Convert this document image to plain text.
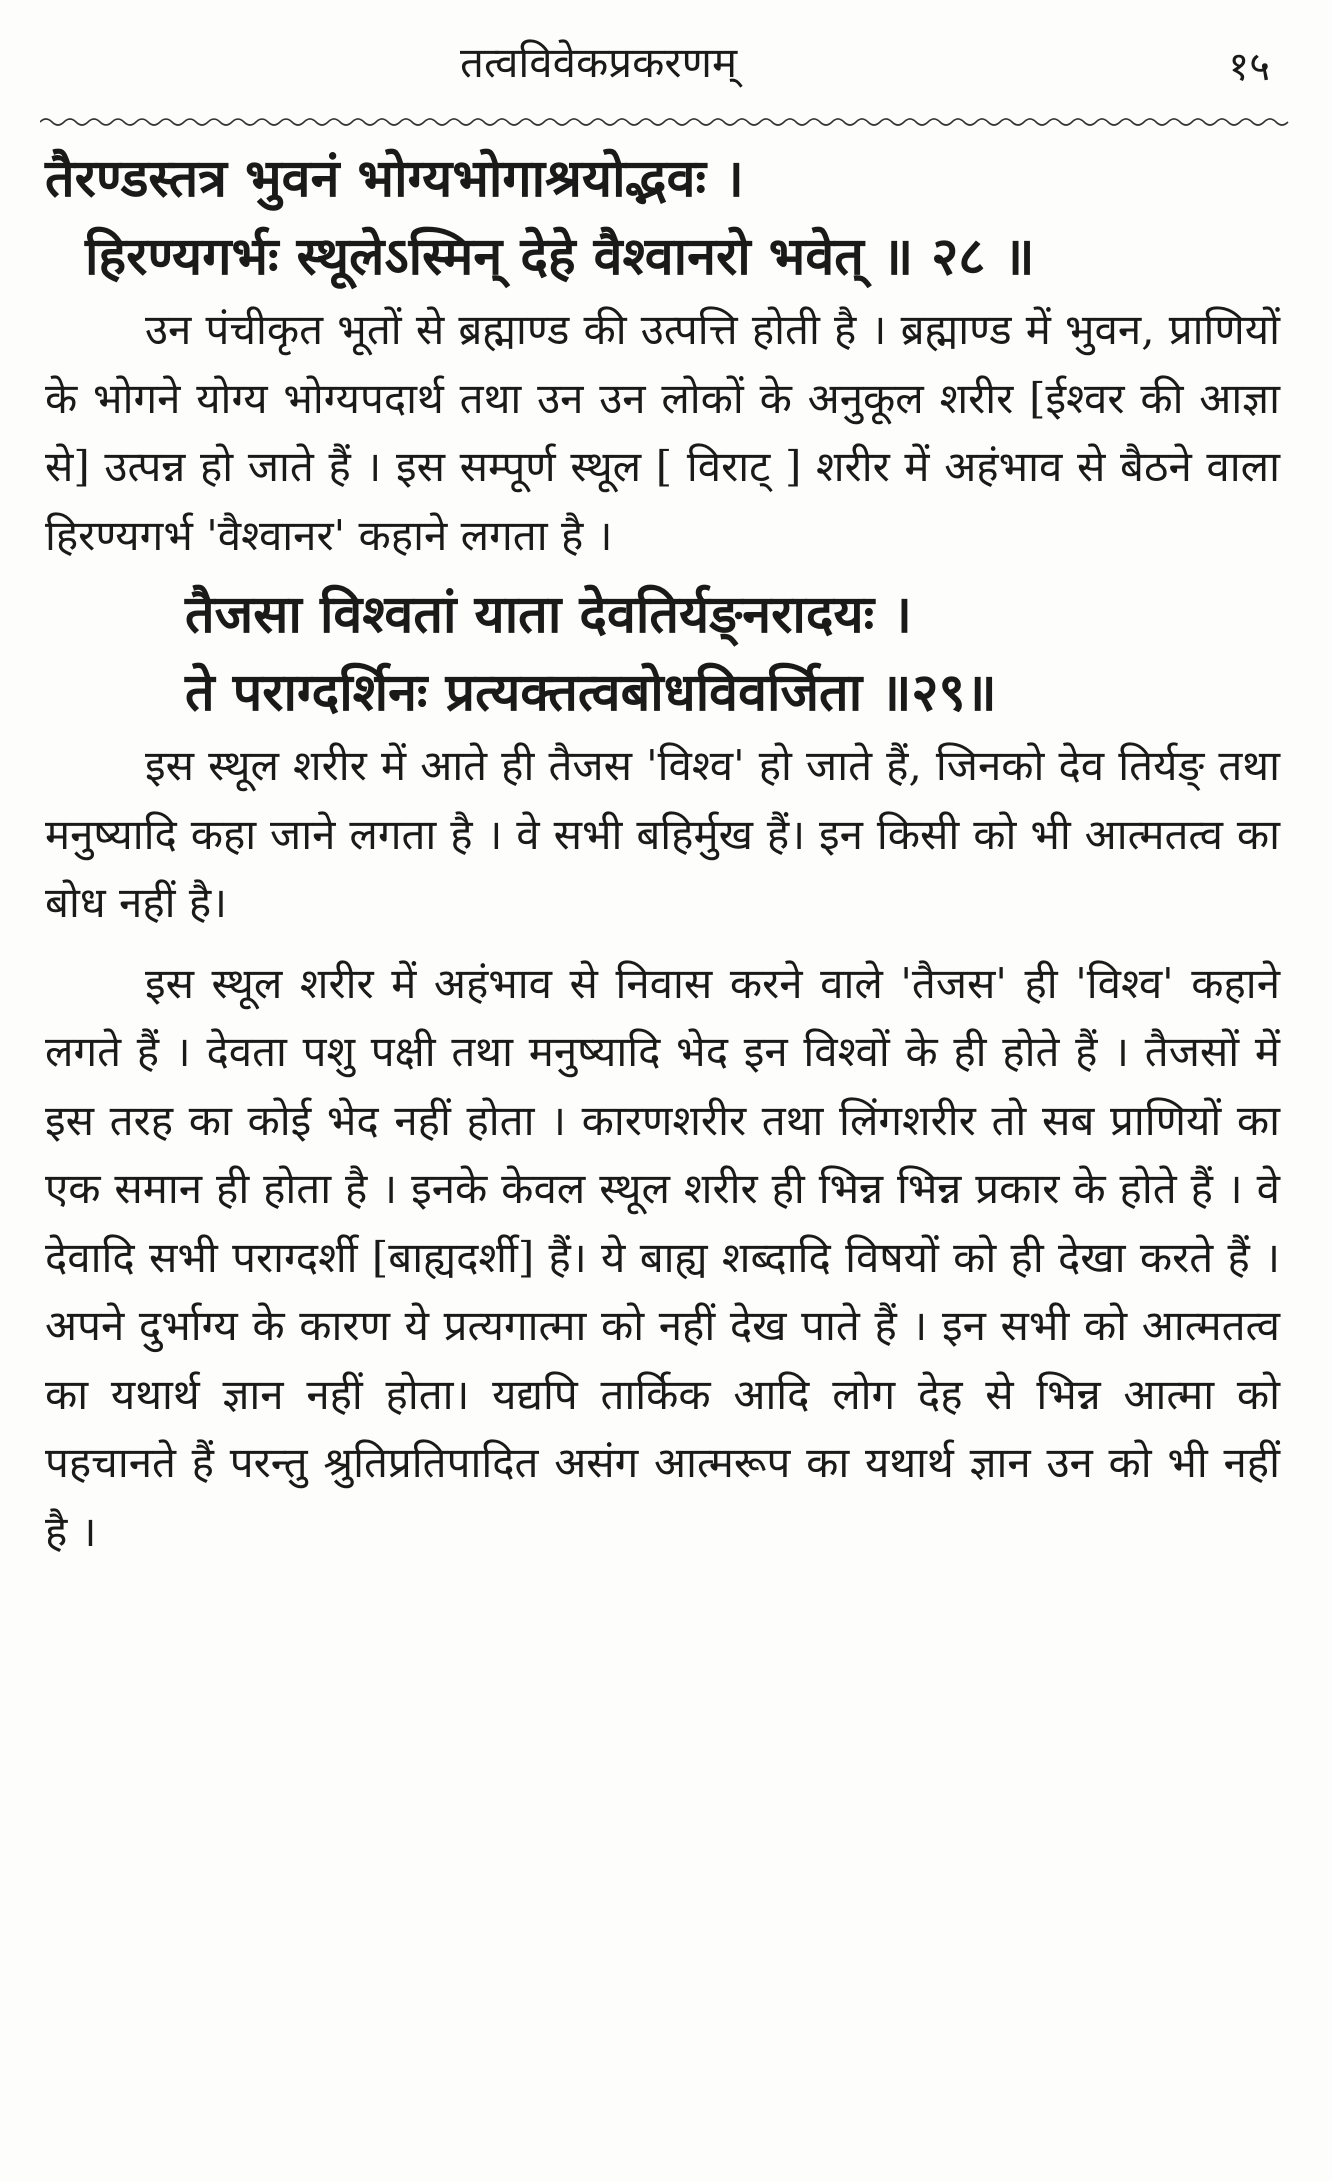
तत्वविवेकप्रकरणम्	१५

तैरण्डस्तत्र भुवनं भोग्यभोगाश्रयोद्भवः ।

हिरण्यगर्भः स्थूलेऽस्मिन् देहे वैश्वानरो भवेत् ॥ २८ ॥

उन पंचीकृत भूतों से ब्रह्माण्ड की उत्पत्ति होती है । ब्रह्माण्ड में भुवन, प्राणियों के भोगने योग्य भोग्यपदार्थ तथा उन उन लोकों के अनुकूल शरीर [ईश्वर की आज्ञा से] उत्पन्न हो जाते हैं । इस सम्पूर्ण स्थूल [ विराट् ] शरीर में अहंभाव से बैठने वाला हिरण्यगर्भ 'वैश्वानर' कहाने लगता है ।

तैजसा विश्वतां याता देवतिर्यङ्नरादयः ।

ते पराग्दर्शिनः प्रत्यक्तत्वबोधविवर्जिता ॥२९॥

इस स्थूल शरीर में आते ही तैजस 'विश्व' हो जाते हैं, जिनको देव तिर्यङ् तथा मनुष्यादि कहा जाने लगता है । वे सभी बहिर्मुख हैं। इन किसी को भी आत्मतत्व का बोध नहीं है।

इस स्थूल शरीर में अहंभाव से निवास करने वाले 'तैजस' ही 'विश्व' कहाने लगते हैं । देवता पशु पक्षी तथा मनुष्यादि भेद इन विश्वों के ही होते हैं । तैजसों में इस तरह का कोई भेद नहीं होता । कारणशरीर तथा लिंगशरीर तो सब प्राणियों का एक समान ही होता है । इनके केवल स्थूल शरीर ही भिन्न भिन्न प्रकार के होते हैं । वे देवादि सभी पराग्दर्शी [बाह्यदर्शी] हैं। ये बाह्य शब्दादि विषयों को ही देखा करते हैं । अपने दुर्भाग्य के कारण ये प्रत्यगात्मा को नहीं देख पाते हैं । इन सभी को आत्मतत्व का यथार्थ ज्ञान नहीं होता। यद्यपि तार्किक आदि लोग देह से भिन्न आत्मा को पहचानते हैं परन्तु श्रुतिप्रतिपादित असंग आत्मरूप का यथार्थ ज्ञान उन को भी नहीं है ।
